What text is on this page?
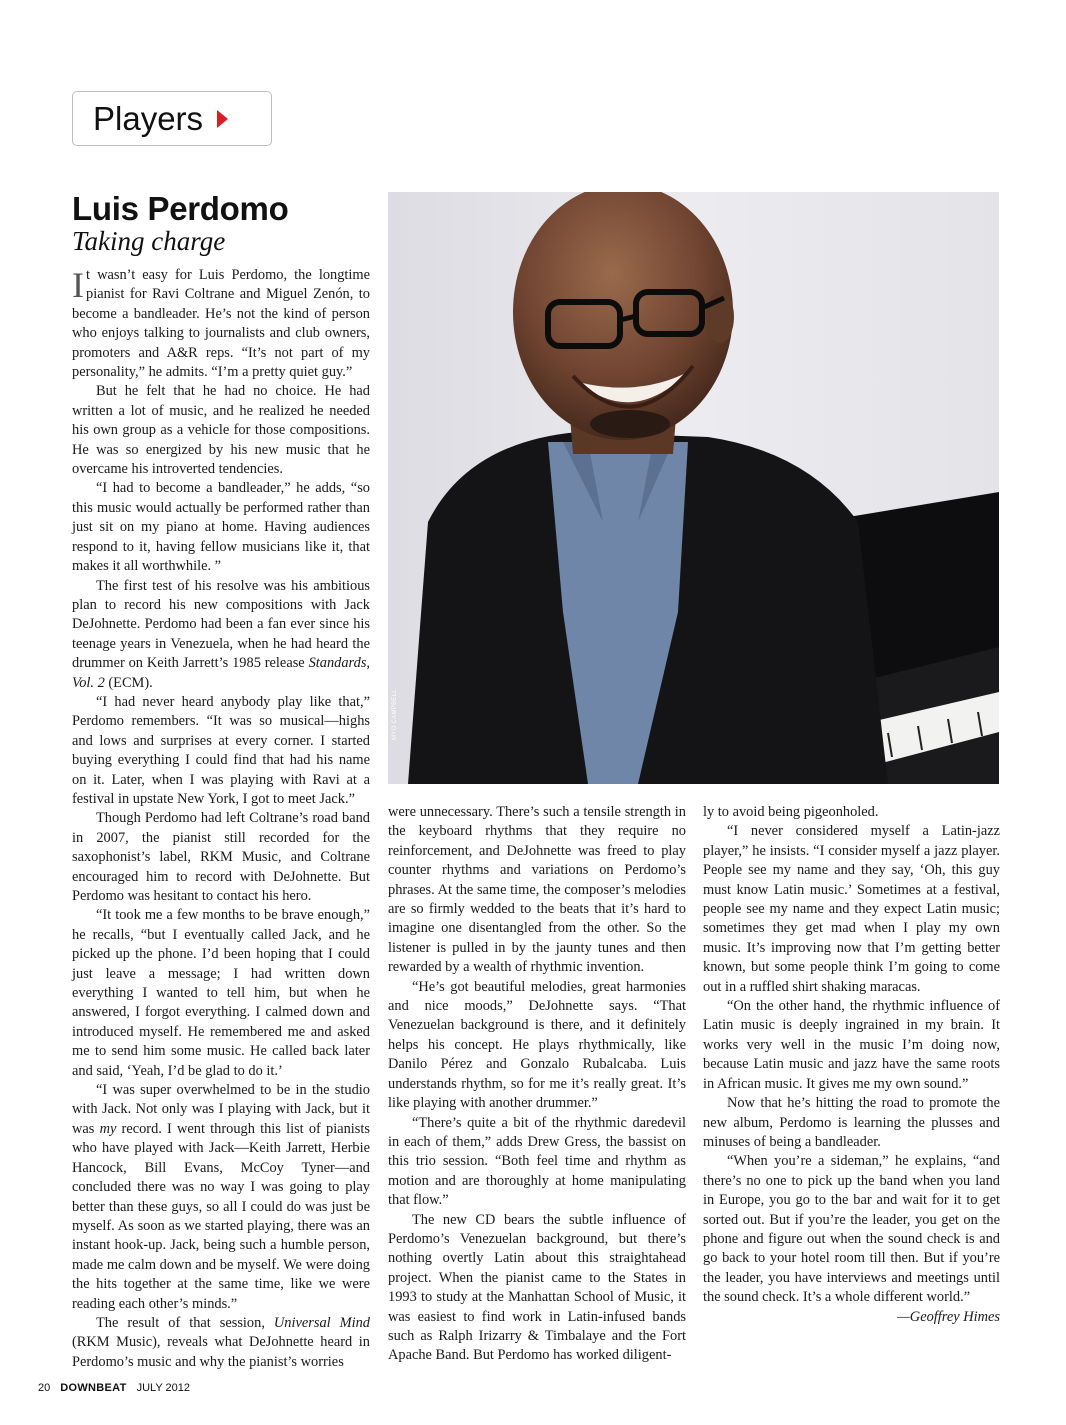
Players
Luis Perdomo
Taking charge
MYO CAMPBELL

It wasn’t easy for Luis Perdomo, the longtime pianist for Ravi Coltrane and Miguel Zenón, to become a bandleader. He’s not the kind of person who enjoys talking to journalists and club owners, promoters and A&R reps. “It’s not part of my personality,” he admits. “I’m a pretty quiet guy.”

But he felt that he had no choice. He had written a lot of music, and he realized he needed his own group as a vehicle for those compositions. He was so energized by his new music that he overcame his introverted tendencies.

“I had to become a bandleader,” he adds, “so this music would actually be performed rather than just sit on my piano at home. Having audiences respond to it, having fellow musicians like it, that makes it all worthwhile. ”

The first test of his resolve was his ambitious plan to record his new compositions with Jack DeJohnette. Perdomo had been a fan ever since his teenage years in Venezuela, when he had heard the drummer on Keith Jarrett’s 1985 release Standards, Vol. 2 (ECM).

“I had never heard anybody play like that,” Perdomo remembers. “It was so musical—highs and lows and surprises at every corner. I started buying everything I could find that had his name on it. Later, when I was playing with Ravi at a festival in upstate New York, I got to meet Jack.”

Though Perdomo had left Coltrane’s road band in 2007, the pianist still recorded for the saxophonist’s label, RKM Music, and Coltrane encouraged him to record with DeJohnette. But Perdomo was hesitant to contact his hero.

“It took me a few months to be brave enough,” he recalls, “but I eventually called Jack, and he picked up the phone. I’d been hoping that I could just leave a message; I had written down everything I wanted to tell him, but when he answered, I forgot everything. I calmed down and introduced myself. He remembered me and asked me to send him some music. He called back later and said, ‘Yeah, I’d be glad to do it.’

“I was super overwhelmed to be in the studio with Jack. Not only was I playing with Jack, but it was my record. I went through this list of pianists who have played with Jack—Keith Jarrett, Herbie Hancock, Bill Evans, McCoy Tyner—and concluded there was no way I was going to play better than these guys, so all I could do was just be myself. As soon as we started playing, there was an instant hook-up. Jack, being such a humble person, made me calm down and be myself. We were doing the hits together at the same time, like we were reading each other’s minds.”

The result of that session, Universal Mind (RKM Music), reveals what DeJohnette heard in Perdomo’s music and why the pianist’s worries

were unnecessary. There’s such a tensile strength in the keyboard rhythms that they require no reinforcement, and DeJohnette was freed to play counter rhythms and variations on Perdomo’s phrases. At the same time, the composer’s melodies are so firmly wedded to the beats that it’s hard to imagine one disentangled from the other. So the listener is pulled in by the jaunty tunes and then rewarded by a wealth of rhythmic invention.

“He’s got beautiful melodies, great harmonies and nice moods,” DeJohnette says. “That Venezuelan background is there, and it definitely helps his concept. He plays rhythmically, like Danilo Pérez and Gonzalo Rubalcaba. Luis understands rhythm, so for me it’s really great. It’s like playing with another drummer.”

“There’s quite a bit of the rhythmic daredevil in each of them,” adds Drew Gress, the bassist on this trio session. “Both feel time and rhythm as motion and are thoroughly at home manipulating that flow.”

The new CD bears the subtle influence of Perdomo’s Venezuelan background, but there’s nothing overtly Latin about this straightahead project. When the pianist came to the States in 1993 to study at the Manhattan School of Music, it was easiest to find work in Latin-infused bands such as Ralph Irizarry & Timbalaye and the Fort Apache Band. But Perdomo has worked diligent-

ly to avoid being pigeonholed.

“I never considered myself a Latin-jazz player,” he insists. “I consider myself a jazz player. People see my name and they say, ‘Oh, this guy must know Latin music.’ Sometimes at a festival, people see my name and they expect Latin music; sometimes they get mad when I play my own music. It’s improving now that I’m getting better known, but some people think I’m going to come out in a ruffled shirt shaking maracas.

“On the other hand, the rhythmic influence of Latin music is deeply ingrained in my brain. It works very well in the music I’m doing now, because Latin music and jazz have the same roots in African music. It gives me my own sound.”

Now that he’s hitting the road to promote the new album, Perdomo is learning the plusses and minuses of being a bandleader.

“When you’re a sideman,” he explains, “and there’s no one to pick up the band when you land in Europe, you go to the bar and wait for it to get sorted out. But if you’re the leader, you get on the phone and figure out when the sound check is and go back to your hotel room till then. But if you’re the leader, you have interviews and meetings until the sound check. It’s a whole different world.”

—Geoffrey Himes

20 DOWNBEAT JULY 2012
